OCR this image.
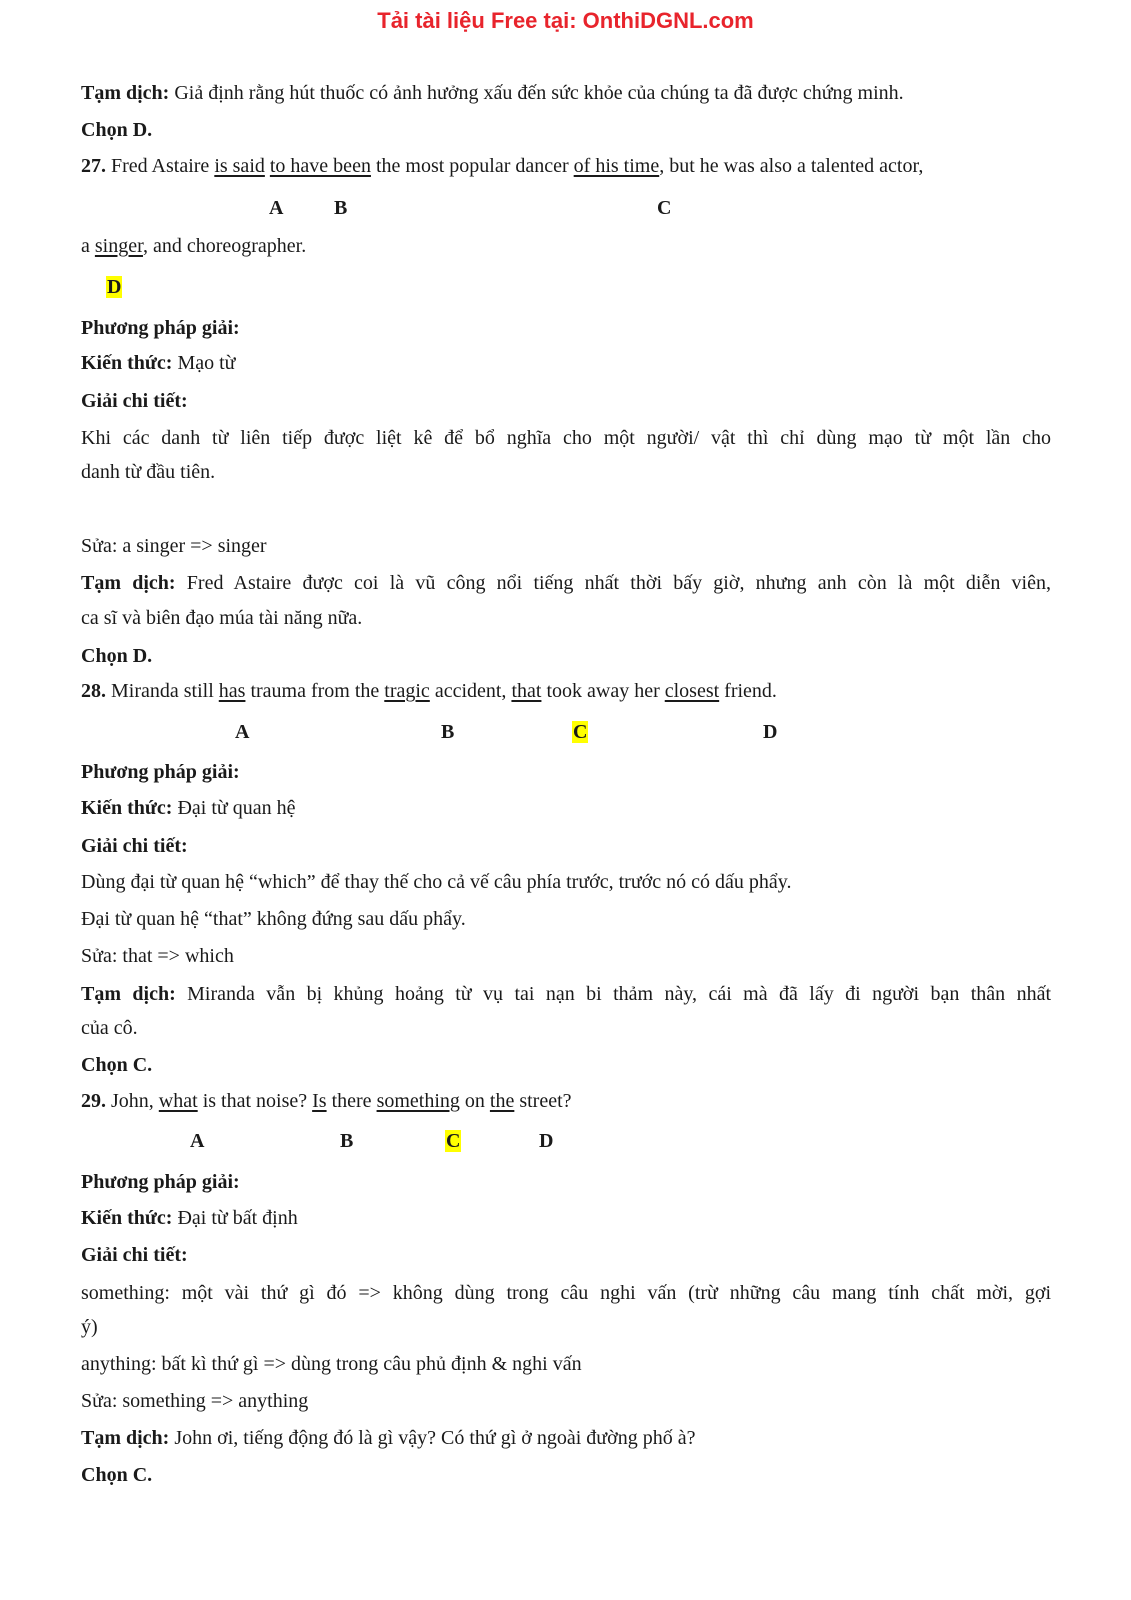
Tải tài liệu Free tại: OnthiDGNL.com
Tạm dịch: Giả định rằng hút thuốc có ảnh hưởng xấu đến sức khỏe của chúng ta đã được chứng minh.
Chọn D.
27. Fred Astaire is said to have been the most popular dancer of his time, but he was also a talented actor,
A	B	C
a singer, and choreographer.
D
Phương pháp giải:
Kiến thức: Mạo từ
Giải chi tiết:
Khi các danh từ liên tiếp được liệt kê để bổ nghĩa cho một người/ vật thì chỉ dùng mạo từ một lần cho
danh từ đầu tiên.
Sửa: a singer => singer
Tạm dịch: Fred Astaire được coi là vũ công nổi tiếng nhất thời bấy giờ, nhưng anh còn là một diễn viên,
ca sĩ và biên đạo múa tài năng nữa.
Chọn D.
28. Miranda still has trauma from the tragic accident, that took away her closest friend.
A	B	C	D
Phương pháp giải:
Kiến thức: Đại từ quan hệ
Giải chi tiết:
Dùng đại từ quan hệ “which” để thay thế cho cả vế câu phía trước, trước nó có dấu phẩy.
Đại từ quan hệ “that” không đứng sau dấu phẩy.
Sửa: that => which
Tạm dịch: Miranda vẫn bị khủng hoảng từ vụ tai nạn bi thảm này, cái mà đã lấy đi người bạn thân nhất
của cô.
Chọn C.
29. John, what is that noise? Is there something on the street?
A	B	C	D
Phương pháp giải:
Kiến thức: Đại từ bất định
Giải chi tiết:
something: một vài thứ gì đó => không dùng trong câu nghi vấn (trừ những câu mang tính chất mời, gợi
ý)
anything: bất kì thứ gì => dùng trong câu phủ định & nghi vấn
Sửa: something => anything
Tạm dịch: John ơi, tiếng động đó là gì vậy? Có thứ gì ở ngoài đường phố à?
Chọn C.
